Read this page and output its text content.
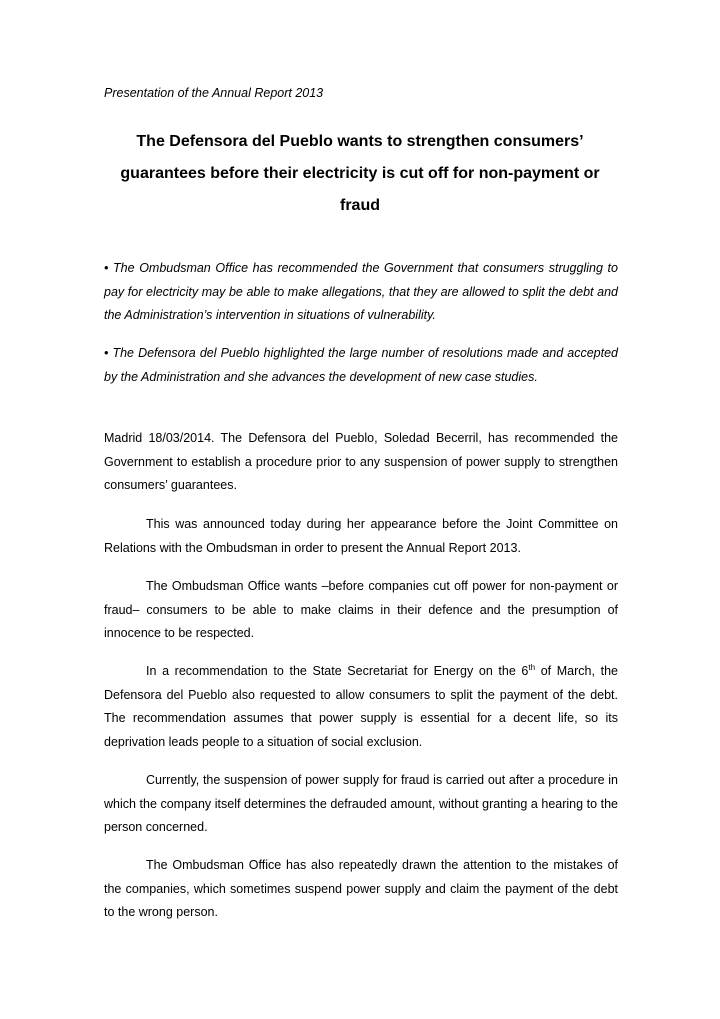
Presentation of the Annual Report 2013

The Defensora del Pueblo wants to strengthen consumers’ guarantees before their electricity is cut off for non-payment or fraud

• The Ombudsman Office has recommended the Government that consumers struggling to pay for electricity may be able to make allegations, that they are allowed to split the debt and the Administration’s intervention in situations of vulnerability.

• The Defensora del Pueblo highlighted the large number of resolutions made and accepted by the Administration and she advances the development of new case studies.

Madrid 18/03/2014. The Defensora del Pueblo, Soledad Becerril, has recommended the Government to establish a procedure prior to any suspension of power supply to strengthen consumers’ guarantees.

This was announced today during her appearance before the Joint Committee on Relations with the Ombudsman in order to present the Annual Report 2013.

The Ombudsman Office wants –before companies cut off power for non-payment or fraud– consumers to be able to make claims in their defence and the presumption of innocence to be respected.

In a recommendation to the State Secretariat for Energy on the 6th of March, the Defensora del Pueblo also requested to allow consumers to split the payment of the debt. The recommendation assumes that power supply is essential for a decent life, so its deprivation leads people to a situation of social exclusion.

Currently, the suspension of power supply for fraud is carried out after a procedure in which the company itself determines the defrauded amount, without granting a hearing to the person concerned.

The Ombudsman Office has also repeatedly drawn the attention to the mistakes of the companies, which sometimes suspend power supply and claim the payment of the debt to the wrong person.
